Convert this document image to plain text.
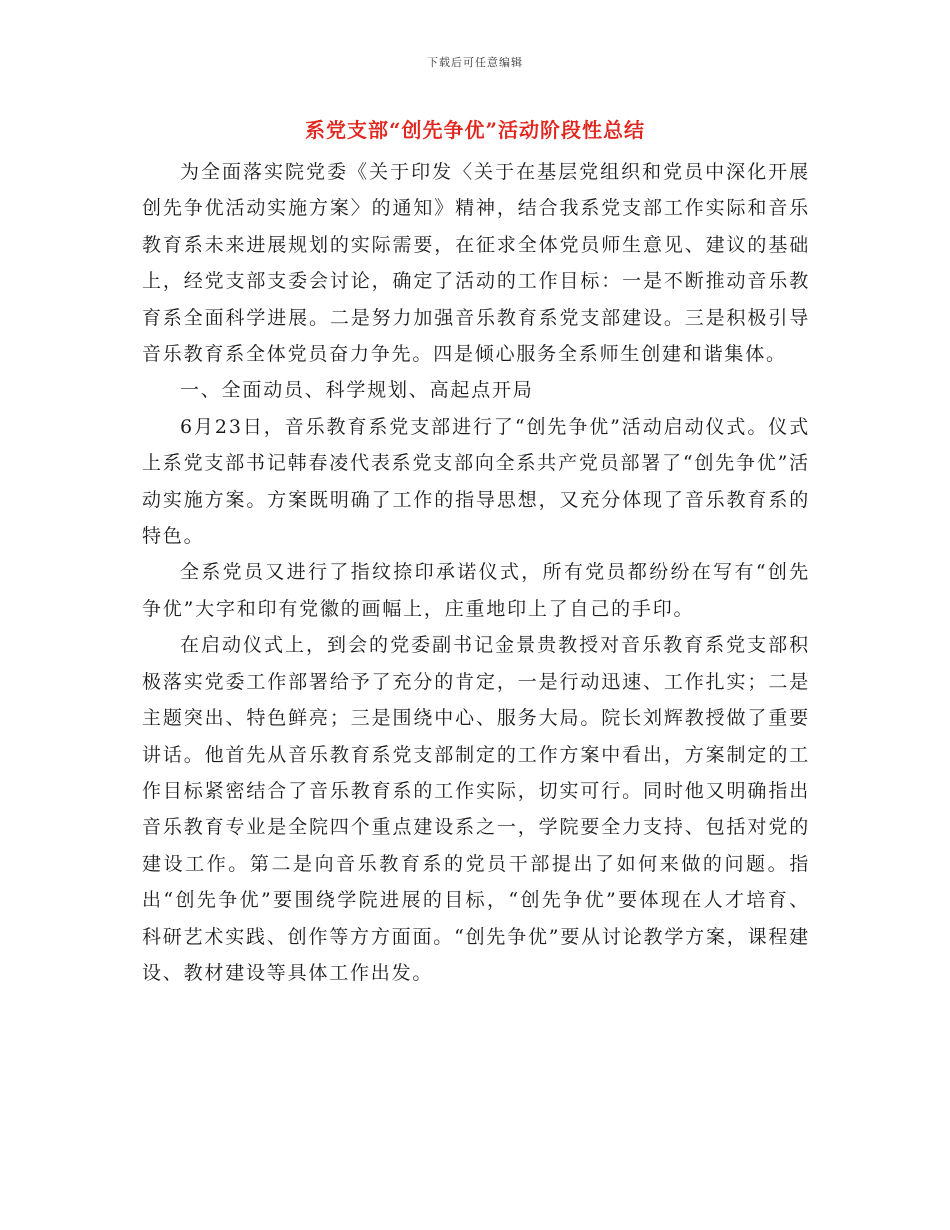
下载后可任意编辑
系党支部“创先争优”活动阶段性总结

为全面落实院党委《关于印发〈关于在基层党组织和党员中深化开展创先争优活动实施方案〉的通知》精神，结合我系党支部工作实际和音乐教育系未来进展规划的实际需要，在征求全体党员师生意见、建议的基础上，经党支部支委会讨论，确定了活动的工作目标：一是不断推动音乐教育系全面科学进展。二是努力加强音乐教育系党支部建设。三是积极引导音乐教育系全体党员奋力争先。四是倾心服务全系师生创建和谐集体。

一、全面动员、科学规划、高起点开局

6月23日，音乐教育系党支部进行了“创先争优”活动启动仪式。仪式上系党支部书记韩春凌代表系党支部向全系共产党员部署了“创先争优”活动实施方案。方案既明确了工作的指导思想，又充分体现了音乐教育系的特色。

全系党员又进行了指纹捺印承诺仪式，所有党员都纷纷在写有“创先争优”大字和印有党徽的画幅上，庄重地印上了自己的手印。

在启动仪式上，到会的党委副书记金景贵教授对音乐教育系党支部积极落实党委工作部署给予了充分的肯定，一是行动迅速、工作扎实；二是主题突出、特色鲜亮；三是围绕中心、服务大局。院长刘辉教授做了重要讲话。他首先从音乐教育系党支部制定的工作方案中看出，方案制定的工作目标紧密结合了音乐教育系的工作实际，切实可行。同时他又明确指出音乐教育专业是全院四个重点建设系之一，学院要全力支持、包括对党的建设工作。第二是向音乐教育系的党员干部提出了如何来做的问题。指出“创先争优”要围绕学院进展的目标，“创先争优”要体现在人才培育、科研艺术实践、创作等方方面面。“创先争优”要从讨论教学方案，课程建设、教材建设等具体工作出发。
